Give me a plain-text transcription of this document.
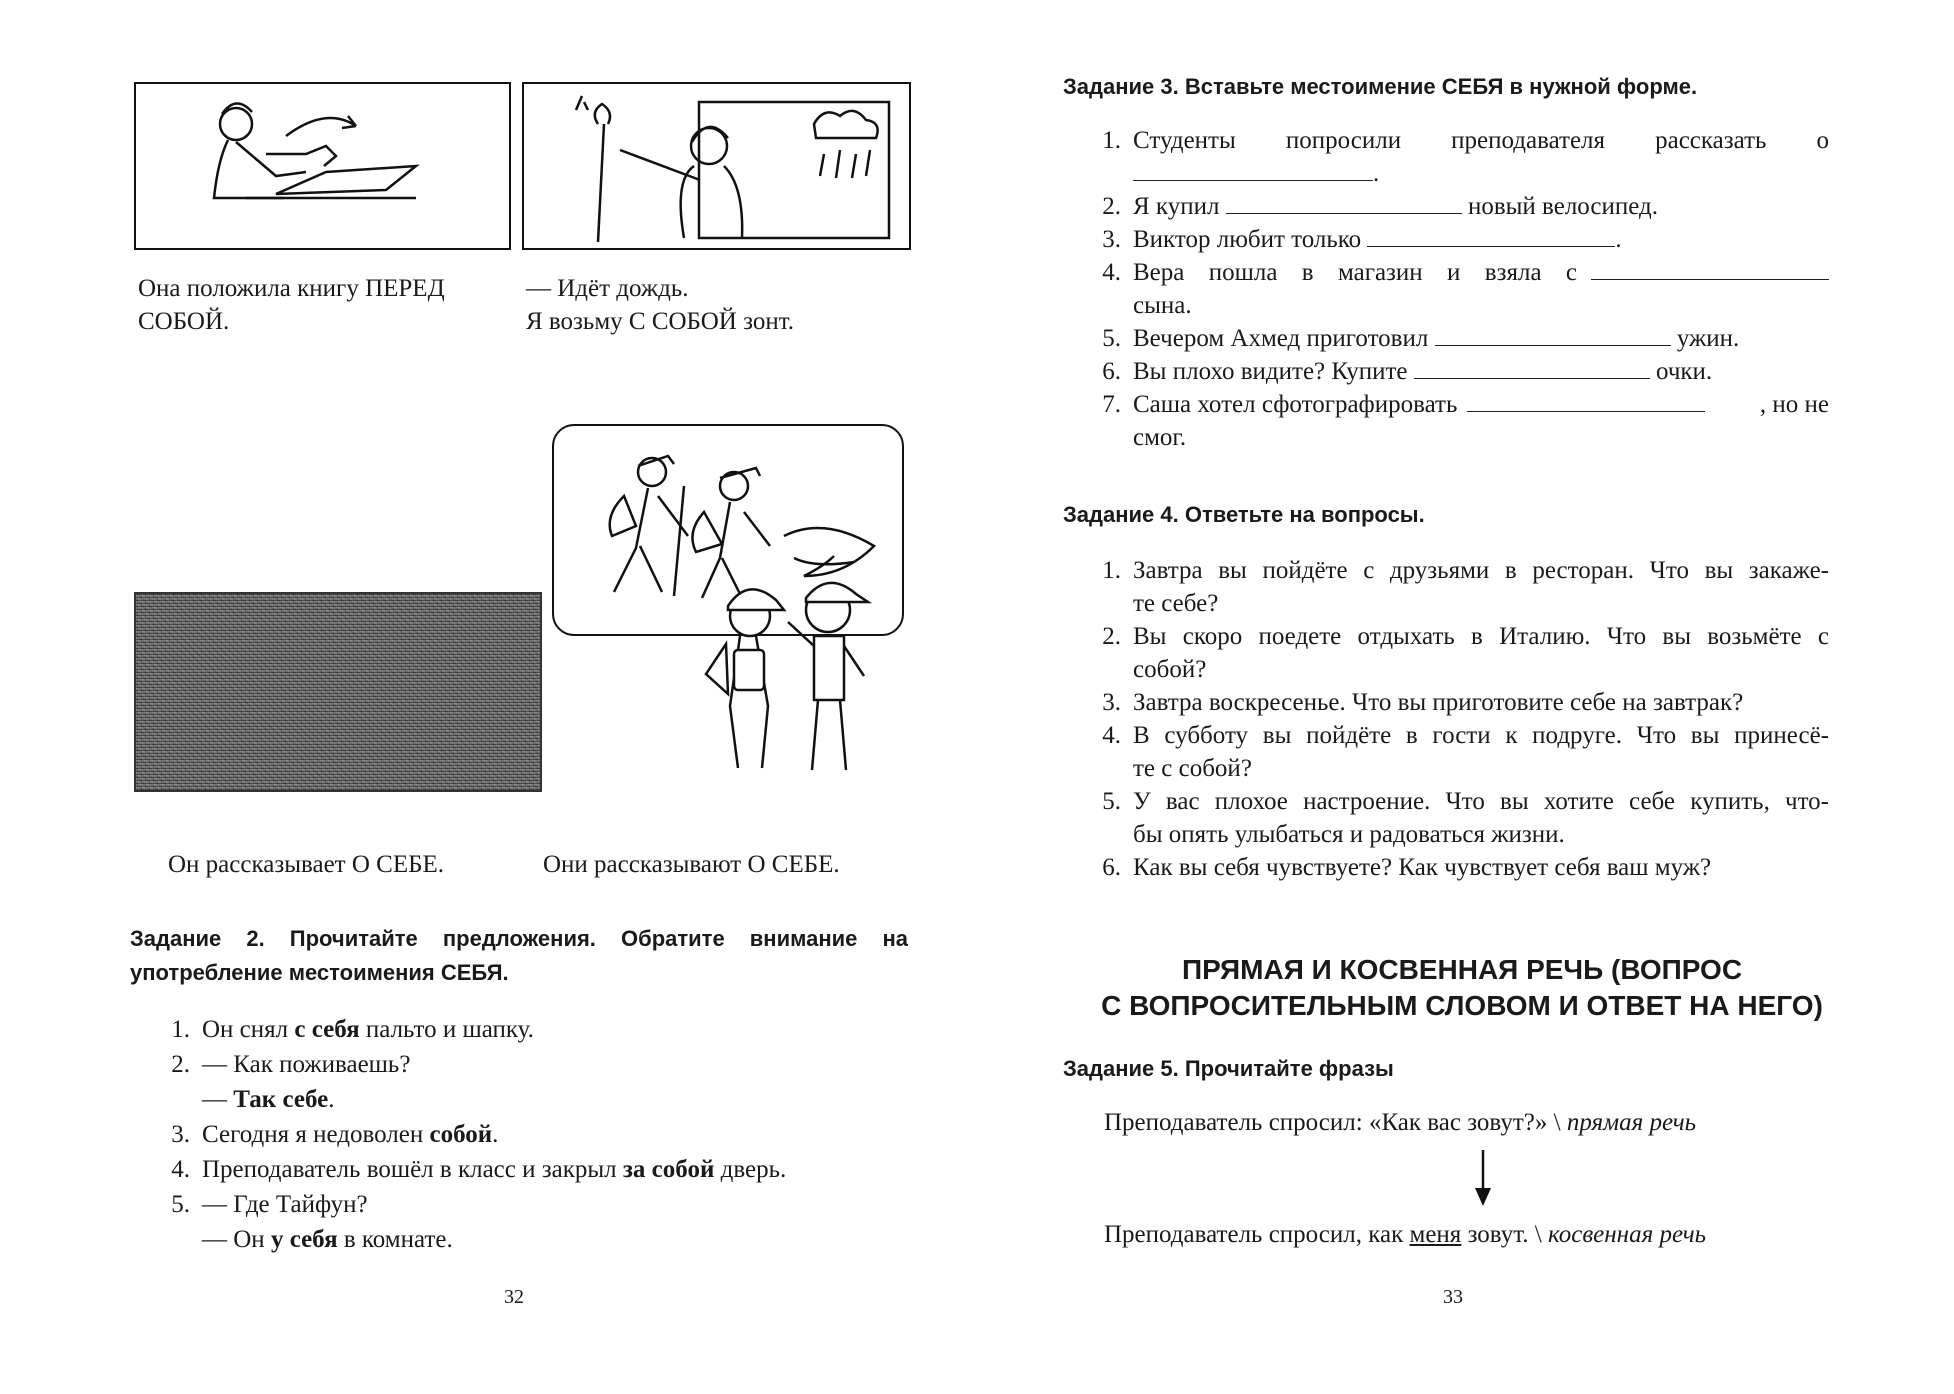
Она положила книгу ПЕРЕД
СОБОЙ.
— Идёт дождь.
Я возьму С СОБОЙ зонт.
Он рассказывает О СЕБЕ.	Они рассказывают О СЕБЕ.
Задание 2. Прочитайте предложения. Обратите внимание на
употребление местоимения СЕБЯ.
1. Он снял с себя пальто и шапку.
2. — Как поживаешь?
— Так себе.
3. Сегодня я недоволен собой.
4. Преподаватель вошёл в класс и закрыл за собой дверь.
5. — Где Тайфун?
— Он у себя в комнате.
32
Задание 3. Вставьте местоимение СЕБЯ в нужной форме.
1. Студенты попросили преподавателя рассказать о
.
2. Я купил	новый велосипед.
3. Виктор любит только	.
4. Вера пошла в магазин и взяла с
сына.
5. Вечером Ахмед приготовил	ужин.
6. Вы плохо видите? Купите	очки.
7. Саша хотел сфотографировать	, но не
смог.
Задание 4. Ответьте на вопросы.
1. Завтра вы пойдёте с друзьями в ресторан. Что вы закаже-
те себе?
2. Вы скоро поедете отдыхать в Италию. Что вы возьмёте с
собой?
3. Завтра воскресенье. Что вы приготовите себе на завтрак?
4. В субботу вы пойдёте в гости к подруге. Что вы принесё-
те с собой?
5. У вас плохое настроение. Что вы хотите себе купить, что-
бы опять улыбаться и радоваться жизни.
6. Как вы себя чувствуете? Как чувствует себя ваш муж?
ПРЯМАЯ И КОСВЕННАЯ РЕЧЬ (ВОПРОС
С ВОПРОСИТЕЛЬНЫМ СЛОВОМ И ОТВЕТ НА НЕГО)
Задание 5. Прочитайте фразы
Преподаватель спросил: «Как вас зовут?» \ прямая речь
Преподаватель спросил, как меня зовут. \ косвенная речь
33
